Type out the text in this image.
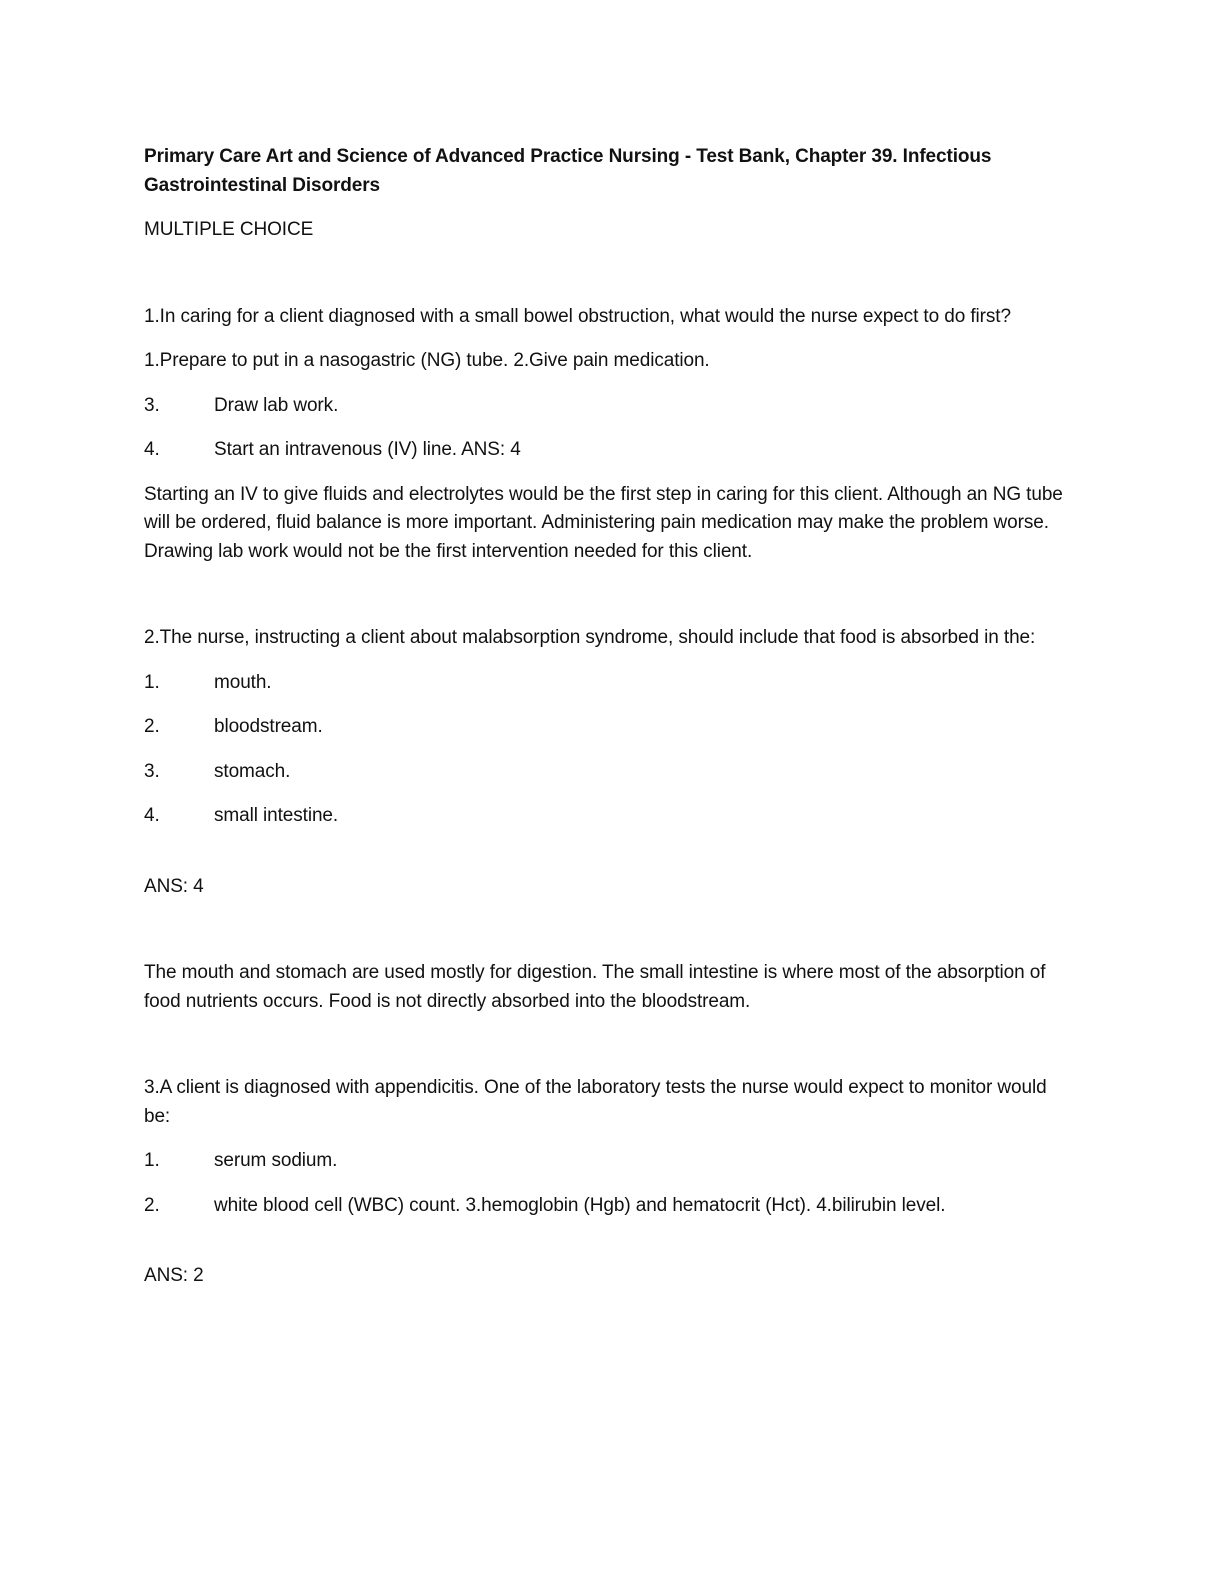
Primary Care Art and Science of Advanced Practice Nursing - Test Bank, Chapter 39. Infectious Gastrointestinal Disorders

MULTIPLE CHOICE

1.In caring for a client diagnosed with a small bowel obstruction, what would the nurse expect to do first?

1.Prepare to put in a nasogastric (NG) tube. 2.Give pain medication.

3.	Draw lab work.
4.	Start an intravenous (IV) line. ANS: 4

Starting an IV to give fluids and electrolytes would be the first step in caring for this client. Although an NG tube will be ordered, fluid balance is more important. Administering pain medication may make the problem worse. Drawing lab work would not be the first intervention needed for this client.

2.The nurse, instructing a client about malabsorption syndrome, should include that food is absorbed in the:

1.	mouth.
2.	bloodstream.
3.	stomach.
4.	small intestine.

ANS: 4

The mouth and stomach are used mostly for digestion. The small intestine is where most of the absorption of food nutrients occurs. Food is not directly absorbed into the bloodstream.

3.A client is diagnosed with appendicitis. One of the laboratory tests the nurse would expect to monitor would be:

1.	serum sodium.
2.	white blood cell (WBC) count. 3.hemoglobin (Hgb) and hematocrit (Hct). 4.bilirubin level.

ANS: 2
